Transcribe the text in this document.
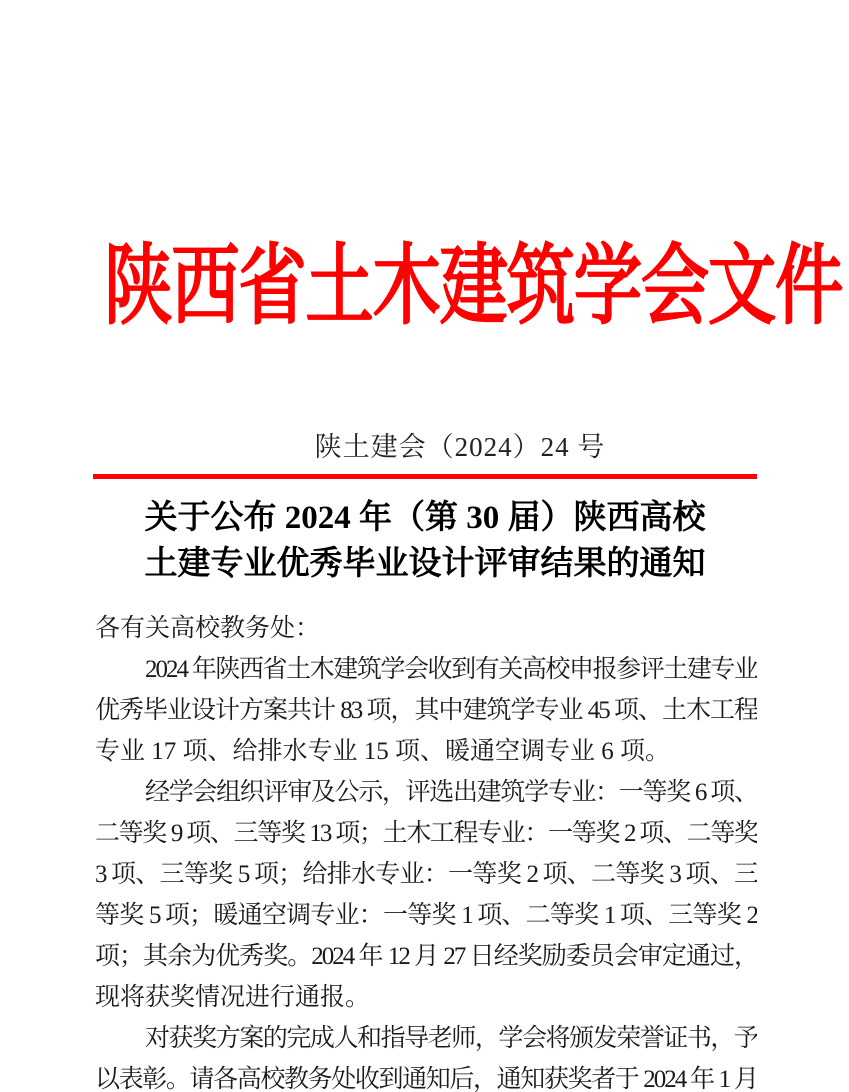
陕西省土木建筑学会文件
陕土建会（2024）24 号
关于公布 2024 年（第 30 届）陕西高校
土建专业优秀毕业设计评审结果的通知
各有关高校教务处：
2024 年陕西省土木建筑学会收到有关高校申报参评土建专业
优秀毕业设计方案共计 83 项，其中建筑学专业 45 项、土木工程
专业 17 项、给排水专业 15 项、暖通空调专业 6 项。
经学会组织评审及公示，评选出建筑学专业：一等奖 6 项、
二等奖 9 项、三等奖 13 项；土木工程专业：一等奖 2 项、二等奖
3 项、三等奖 5 项；给排水专业：一等奖 2 项、二等奖 3 项、三
等奖 5 项；暖通空调专业：一等奖 1 项、二等奖 1 项、三等奖 2
项；其余为优秀奖。2024 年 12 月 27 日经奖励委员会审定通过，
现将获奖情况进行通报。
对获奖方案的完成人和指导老师，学会将颁发荣誉证书，予
以表彰。请各高校教务处收到通知后，通知获奖者于 2024 年 1 月
